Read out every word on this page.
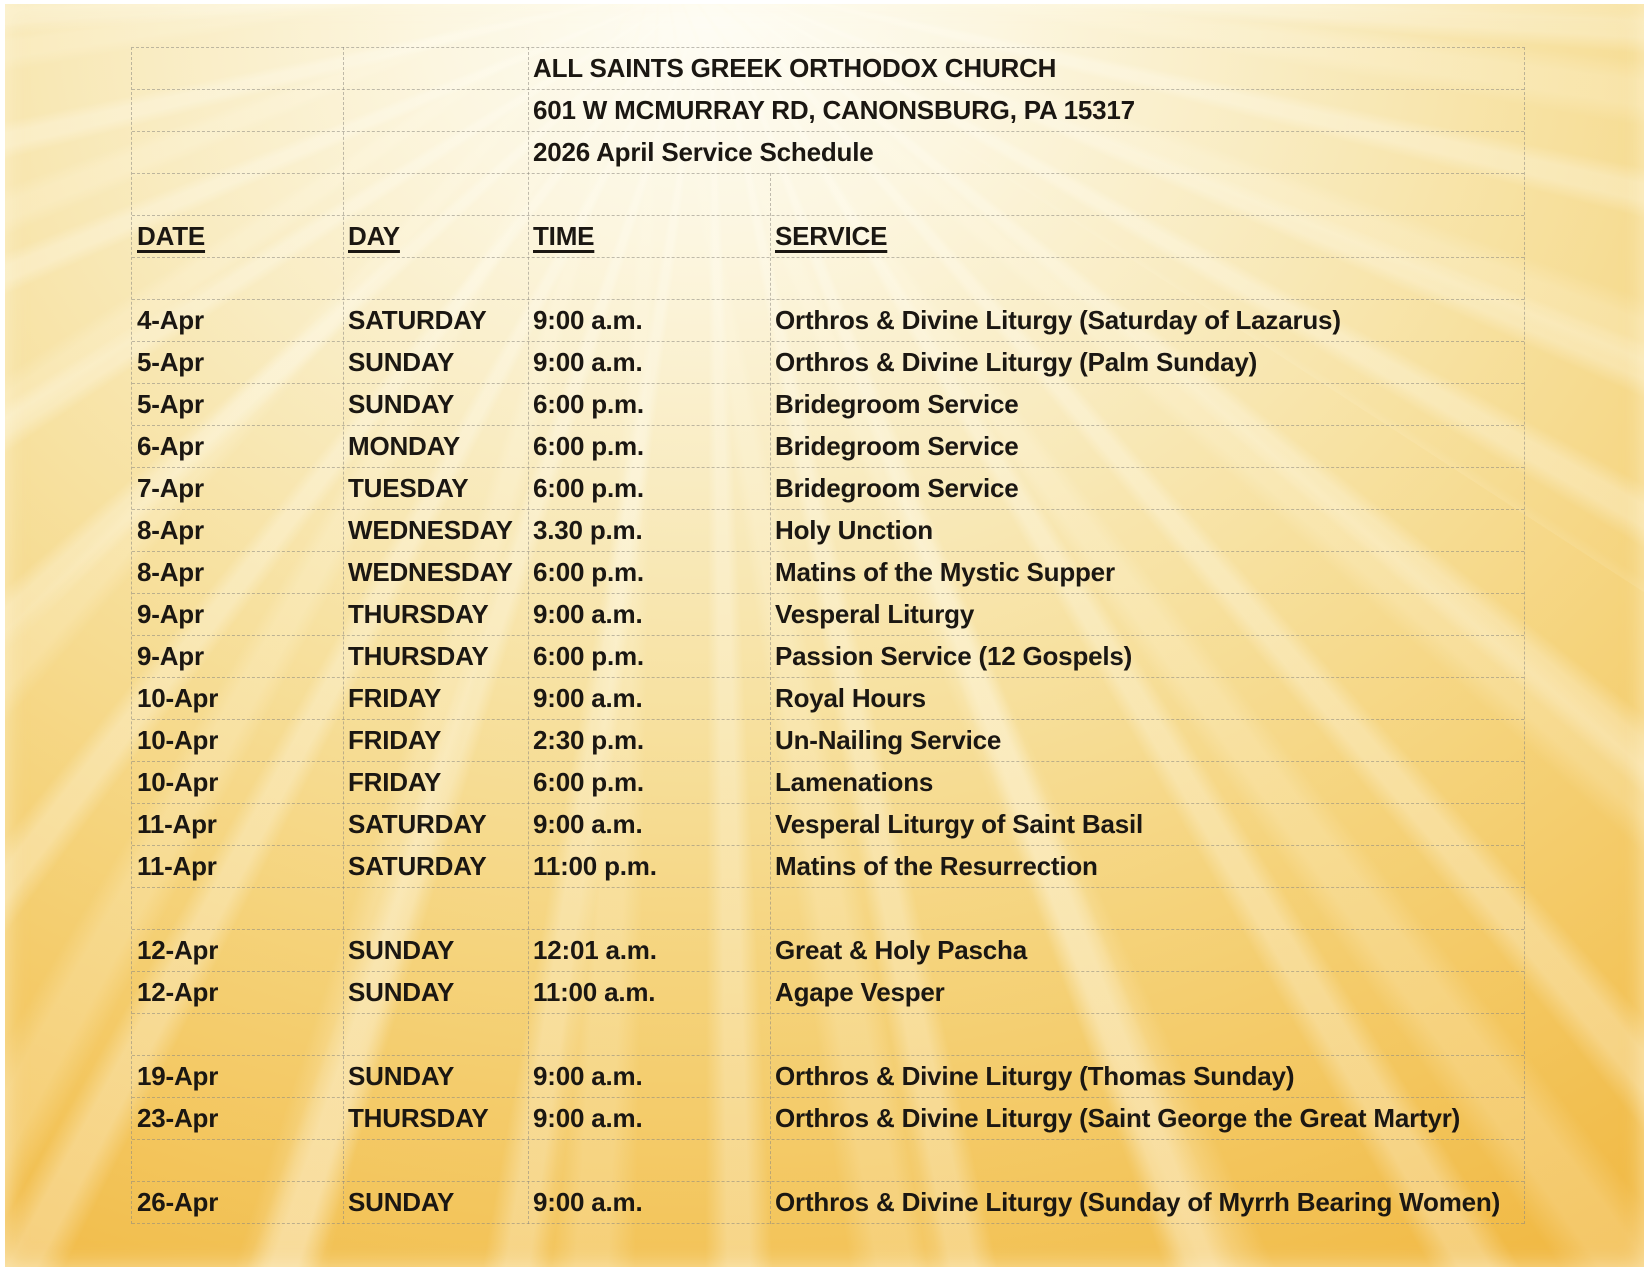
ALL SAINTS GREEK ORTHODOX CHURCH
601 W MCMURRAY RD, CANONSBURG, PA 15317
2026 April Service Schedule
DATE	DAY	TIME	SERVICE
4-Apr	SATURDAY	9:00 a.m.	Orthros & Divine Liturgy (Saturday of Lazarus)
5-Apr	SUNDAY	9:00 a.m.	Orthros & Divine Liturgy (Palm Sunday)
5-Apr	SUNDAY	6:00 p.m.	Bridegroom Service
6-Apr	MONDAY	6:00 p.m.	Bridegroom Service
7-Apr	TUESDAY	6:00 p.m.	Bridegroom Service
8-Apr	WEDNESDAY 3.30 p.m.	Holy Unction
8-Apr	WEDNESDAY 6:00 p.m.	Matins of the Mystic Supper
9-Apr	THURSDAY	9:00 a.m.	Vesperal Liturgy
9-Apr	THURSDAY	6:00 p.m.	Passion Service (12 Gospels)
10-Apr	FRIDAY	9:00 a.m.	Royal Hours
10-Apr	FRIDAY	2:30 p.m.	Un-Nailing Service
10-Apr	FRIDAY	6:00 p.m.	Lamenations
11-Apr	SATURDAY	9:00 a.m.	Vesperal Liturgy of Saint Basil
11-Apr	SATURDAY	11:00 p.m.	Matins of the Resurrection
12-Apr	SUNDAY	12:01 a.m.	Great & Holy Pascha
12-Apr	SUNDAY	11:00 a.m.	Agape Vesper
19-Apr	SUNDAY	9:00 a.m.	Orthros & Divine Liturgy (Thomas Sunday)
23-Apr	THURSDAY	9:00 a.m.	Orthros & Divine Liturgy (Saint George the Great Martyr)
26-Apr	SUNDAY	9:00 a.m.	Orthros & Divine Liturgy (Sunday of Myrrh Bearing Women)
